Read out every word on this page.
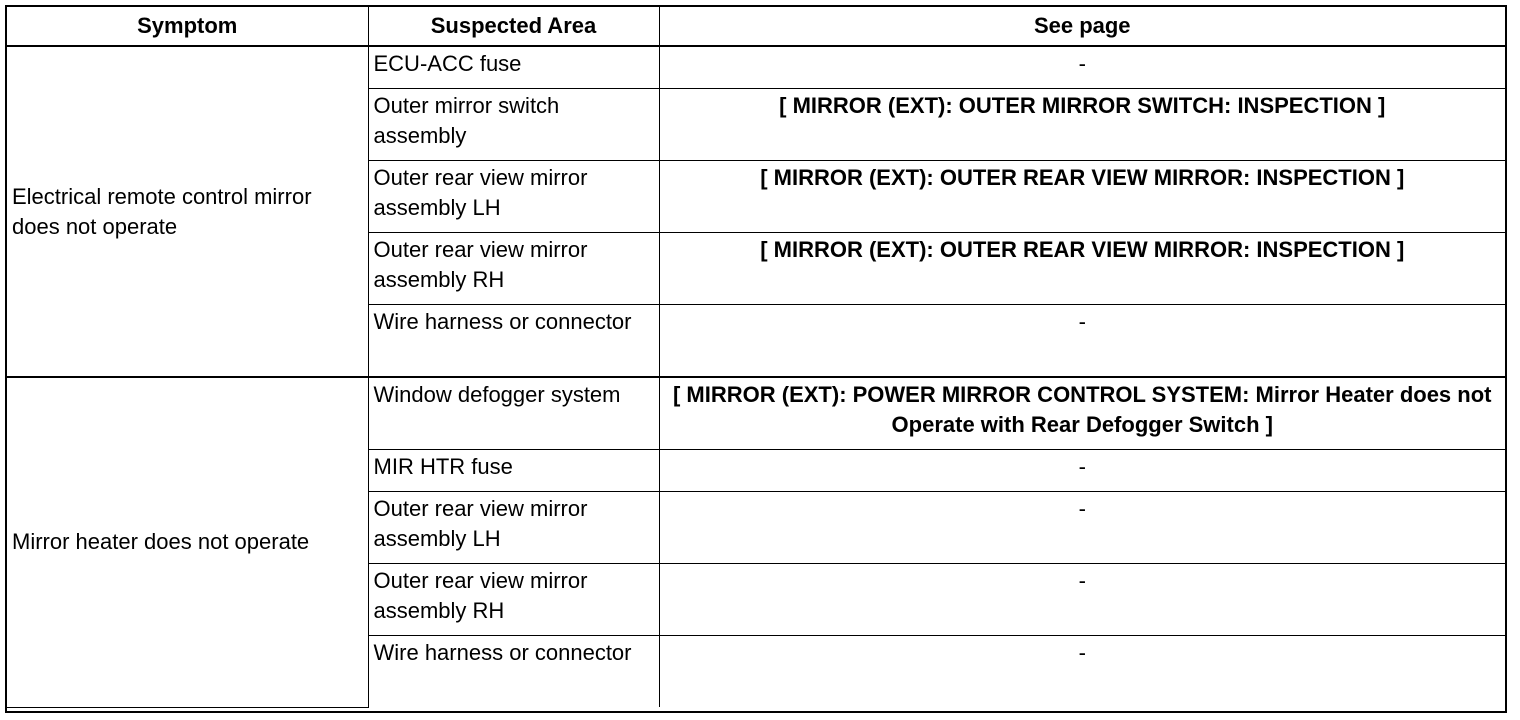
Symptom	Suspected Area	See page
Electrical remote control mirror does not operate	ECU-ACC fuse	-
	Outer mirror switch assembly	[ MIRROR (EXT): OUTER MIRROR SWITCH: INSPECTION ]
	Outer rear view mirror assembly LH	[ MIRROR (EXT): OUTER REAR VIEW MIRROR: INSPECTION ]
	Outer rear view mirror assembly RH	[ MIRROR (EXT): OUTER REAR VIEW MIRROR: INSPECTION ]
	Wire harness or connector	-
Mirror heater does not operate	Window defogger system	[ MIRROR (EXT): POWER MIRROR CONTROL SYSTEM: Mirror Heater does not Operate with Rear Defogger Switch ]
	MIR HTR fuse	-
	Outer rear view mirror assembly LH	-
	Outer rear view mirror assembly RH	-
	Wire harness or connector	-
